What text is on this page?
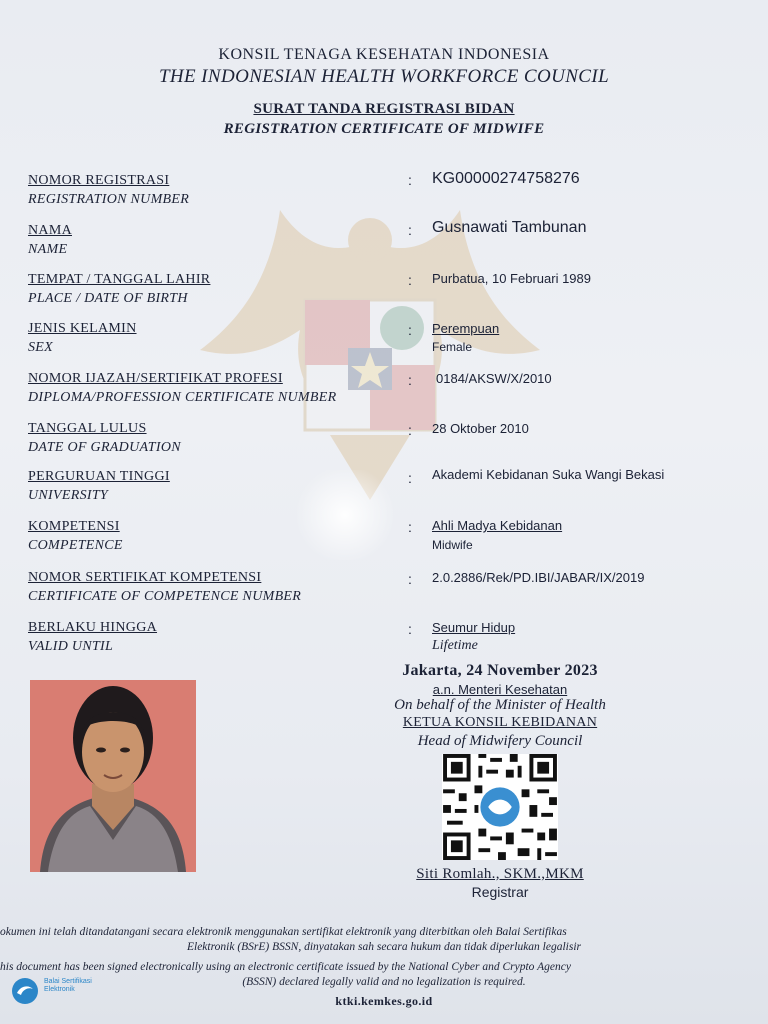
KONSIL TENAGA KESEHATAN INDONESIA
THE INDONESIAN HEALTH WORKFORCE COUNCIL
SURAT TANDA REGISTRASI BIDAN
REGISTRATION CERTIFICATE OF MIDWIFE
NOMOR REGISTRASI
REGISTRATION NUMBER
: KG00000274758276
NAMA
NAME
: Gusnawati Tambunan
TEMPAT / TANGGAL LAHIR
PLACE / DATE OF BIRTH
: Purbatua, 10 Februari 1989
JENIS KELAMIN
SEX
: Perempuan
Female
NOMOR IJAZAH/SERTIFIKAT PROFESI
DIPLOMA/PROFESSION CERTIFICATE NUMBER
: 0184/AKSW/X/2010
TANGGAL LULUS
DATE OF GRADUATION
: 28 Oktober 2010
PERGURUAN TINGGI
UNIVERSITY
: Akademi Kebidanan Suka Wangi Bekasi
KOMPETENSI
COMPETENCE
: Ahli Madya Kebidanan
Midwife
NOMOR SERTIFIKAT KOMPETENSI
CERTIFICATE OF COMPETENCE NUMBER
: 2.0.2886/Rek/PD.IBI/JABAR/IX/2019
BERLAKU HINGGA
VALID UNTIL
: Seumur Hidup
Lifetime
Jakarta, 24 November 2023
a.n. Menteri Kesehatan
On behalf of the Minister of Health
KETUA KONSIL KEBIDANAN
Head of Midwifery Council
Siti Romlah., SKM.,MKM
Registrar
okumen ini telah ditandatangani secara elektronik menggunakan sertifikat elektronik yang diterbitkan oleh Balai Sertifikas
Elektronik (BSrE) BSSN, dinyatakan sah secara hukum dan tidak diperlukan legalisir
his document has been signed electronically using an electronic certificate issued by the National Cyber and Crypto Agency
(BSSN) declared legally valid and no legalization is required.
Balai Sertifikasi Elektronik
ktki.kemkes.go.id
